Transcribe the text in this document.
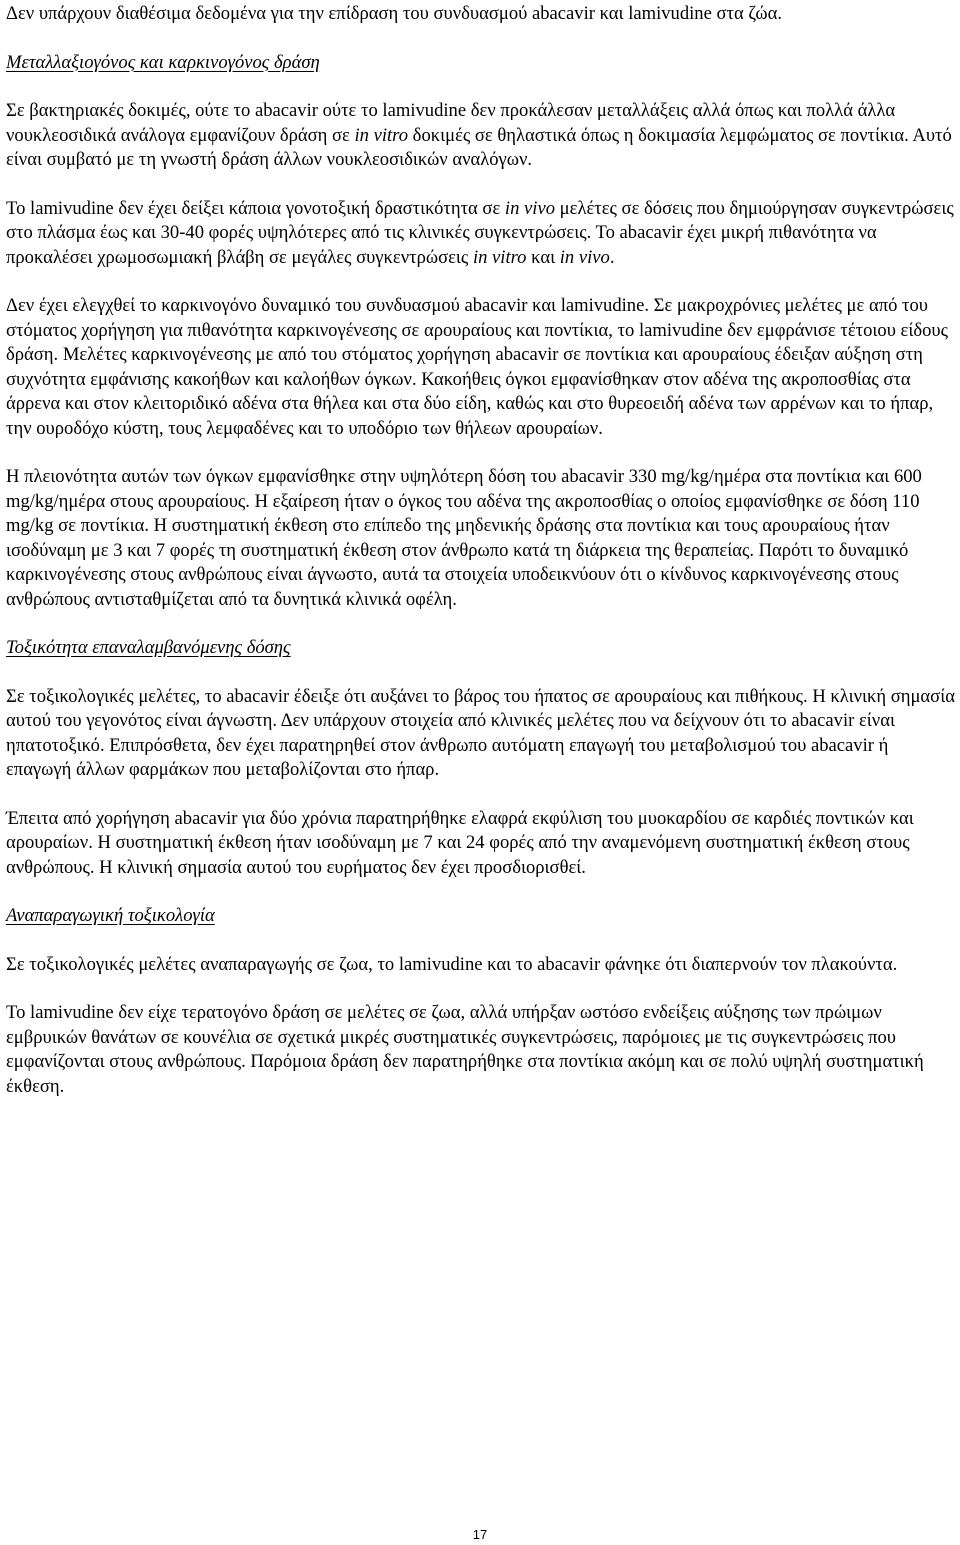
Δεν υπάρχουν διαθέσιμα δεδομένα για την επίδραση του συνδυασμού abacavir και lamivudine στα ζώα.

Μεταλλαξιογόνος και καρκινογόνος δράση

Σε βακτηριακές δοκιμές, ούτε το abacavir ούτε το lamivudine δεν προκάλεσαν μεταλλάξεις αλλά όπως και πολλά άλλα νουκλεοσιδικά ανάλογα εμφανίζουν δράση σε in vitro δοκιμές σε θηλαστικά όπως η δοκιμασία λεμφώματος σε ποντίκια. Αυτό είναι συμβατό με τη γνωστή δράση άλλων νουκλεοσιδικών αναλόγων.

Το lamivudine δεν έχει δείξει κάποια γονοτοξική δραστικότητα σε in vivo μελέτες σε δόσεις που δημιούργησαν συγκεντρώσεις στο πλάσμα έως και 30-40 φορές υψηλότερες από τις κλινικές συγκεντρώσεις. Το abacavir έχει μικρή πιθανότητα να προκαλέσει χρωμοσωμιακή βλάβη σε μεγάλες συγκεντρώσεις in vitro και in vivo.

Δεν έχει ελεγχθεί το καρκινογόνο δυναμικό του συνδυασμού abacavir και lamivudine. Σε μακροχρόνιες μελέτες με από του στόματος χορήγηση για πιθανότητα καρκινογένεσης σε αρουραίους και ποντίκια, το lamivudine δεν εμφράνισε τέτοιου είδους δράση. Μελέτες καρκινογένεσης με από του στόματος χορήγηση abacavir σε ποντίκια και αρουραίους έδειξαν αύξηση στη συχνότητα εμφάνισης κακοήθων και καλοήθων όγκων. Κακοήθεις όγκοι εμφανίσθηκαν στον αδένα της ακροποσθίας στα άρρενα και στον κλειτοριδικό αδένα στα θήλεα και στα δύο είδη, καθώς και στο θυρεοειδή αδένα των αρρένων και το ήπαρ, την ουροδόχο κύστη, τους λεμφαδένες και το υποδόριο των θήλεων αρουραίων.

Η πλειονότητα αυτών των όγκων εμφανίσθηκε στην υψηλότερη δόση του abacavir 330 mg/kg/ημέρα στα ποντίκια και 600 mg/kg/ημέρα στους αρουραίους. Η εξαίρεση ήταν ο όγκος του αδένα της ακροποσθίας ο οποίος εμφανίσθηκε σε δόση 110 mg/kg σε ποντίκια. Η συστηματική έκθεση στο επίπεδο της μηδενικής δράσης στα ποντίκια και τους αρουραίους ήταν ισοδύναμη με 3 και 7 φορές τη συστηματική έκθεση στον άνθρωπο κατά τη διάρκεια της θεραπείας. Παρότι το δυναμικό καρκινογένεσης στους ανθρώπους είναι άγνωστο, αυτά τα στοιχεία υποδεικνύουν ότι ο κίνδυνος καρκινογένεσης στους ανθρώπους αντισταθμίζεται από τα δυνητικά κλινικά οφέλη.

Τοξικότητα επαναλαμβανόμενης δόσης

Σε τοξικολογικές μελέτες, το abacavir έδειξε ότι αυξάνει το βάρος του ήπατος σε αρουραίους και πιθήκους. Η κλινική σημασία αυτού του γεγονότος είναι άγνωστη. Δεν υπάρχουν στοιχεία από κλινικές μελέτες που να δείχνουν ότι το abacavir είναι ηπατοτοξικό. Επιπρόσθετα, δεν έχει παρατηρηθεί στον άνθρωπο αυτόματη επαγωγή του μεταβολισμού του abacavir ή επαγωγή άλλων φαρμάκων που μεταβολίζονται στο ήπαρ.

Έπειτα από χορήγηση abacavir για δύο χρόνια παρατηρήθηκε ελαφρά εκφύλιση του μυοκαρδίου σε καρδιές ποντικών και αρουραίων. Η συστηματική έκθεση ήταν ισοδύναμη με 7 και 24 φορές από την αναμενόμενη συστηματική έκθεση στους ανθρώπους. Η κλινική σημασία αυτού του ευρήματος δεν έχει προσδιορισθεί.

Αναπαραγωγική τοξικολογία

Σε τοξικολογικές μελέτες αναπαραγωγής σε ζωα, το lamivudine και το abacavir φάνηκε ότι διαπερνούν τον πλακούντα.

Το lamivudine δεν είχε τερατογόνο δράση σε μελέτες σε ζωα, αλλά υπήρξαν ωστόσο ενδείξεις αύξησης των πρώιμων εμβρυικών θανάτων σε κουνέλια σε σχετικά μικρές συστηματικές συγκεντρώσεις, παρόμοιες με τις συγκεντρώσεις που εμφανίζονται στους ανθρώπους. Παρόμοια δράση δεν παρατηρήθηκε στα ποντίκια ακόμη και σε πολύ υψηλή συστηματική έκθεση.

17
